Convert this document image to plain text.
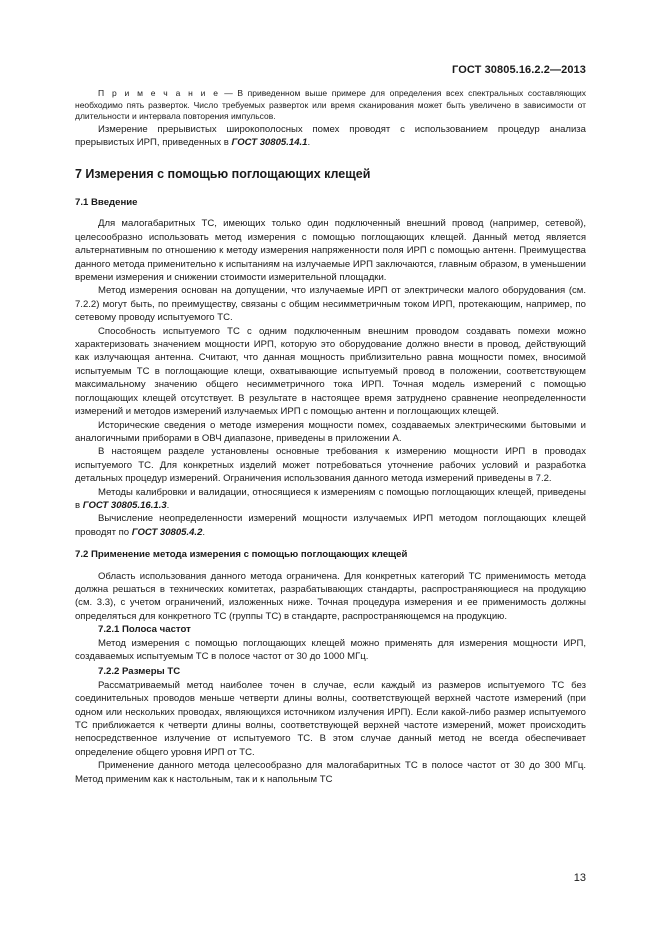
ГОСТ 30805.16.2.2—2013

П р и м е ч а н и е — В приведенном выше примере для определения всех спектральных составляющих необходимо пять разверток. Число требуемых разверток или время сканирования может быть увеличено в зависимости от длительности и интервала повторения импульсов.

Измерение прерывистых широкополосных помех проводят с использованием процедур анализа прерывистых ИРП, приведенных в ГОСТ 30805.14.1.

7 Измерения с помощью поглощающих клещей
7.1 Введение

Для малогабаритных ТС, имеющих только один подключенный внешний провод (например, сетевой), целесообразно использовать метод измерения с помощью поглощающих клещей. Данный метод является альтернативным по отношению к методу измерения напряженности поля ИРП с помощью антенн. Преимущества данного метода применительно к испытаниям на излучаемые ИРП заключаются, главным образом, в уменьшении времени измерения и снижении стоимости измерительной площадки.

Метод измерения основан на допущении, что излучаемые ИРП от электрически малого оборудования (см. 7.2.2) могут быть, по преимуществу, связаны с общим несимметричным током ИРП, протекающим, например, по сетевому проводу испытуемого ТС.

Способность испытуемого ТС с одним подключенным внешним проводом создавать помехи можно характеризовать значением мощности ИРП, которую это оборудование должно внести в провод, действующий как излучающая антенна. Считают, что данная мощность приблизительно равна мощности помех, вносимой испытуемым ТС в поглощающие клещи, охватывающие испытуемый провод в положении, соответствующем максимальному значению общего несимметричного тока ИРП. Точная модель измерений с помощью поглощающих клещей отсутствует. В результате в настоящее время затруднено сравнение неопределенности измерений и методов измерений излучаемых ИРП с помощью антенн и поглощающих клещей.

Исторические сведения о методе измерения мощности помех, создаваемых электрическими бытовыми и аналогичными приборами в ОВЧ диапазоне, приведены в приложении А.

В настоящем разделе установлены основные требования к измерению мощности ИРП в проводах испытуемого ТС. Для конкретных изделий может потребоваться уточнение рабочих условий и разработка детальных процедур измерений. Ограничения использования данного метода измерений приведены в 7.2.

Методы калибровки и валидации, относящиеся к измерениям с помощью поглощающих клещей, приведены в ГОСТ 30805.16.1.3.

Вычисление неопределенности измерений мощности излучаемых ИРП методом поглощающих клещей проводят по ГОСТ 30805.4.2.

7.2 Применение метода измерения с помощью поглощающих клещей

Область использования данного метода ограничена. Для конкретных категорий ТС применимость метода должна решаться в технических комитетах, разрабатывающих стандарты, распространяющиеся на продукцию (см. 3.3), с учетом ограничений, изложенных ниже. Точная процедура измерения и ее применимость должны определяться для конкретного ТС (группы ТС) в стандарте, распространяющемся на продукцию.

7.2.1 Полоса частот

Метод измерения с помощью поглощающих клещей можно применять для измерения мощности ИРП, создаваемых испытуемым ТС в полосе частот от 30 до 1000 МГц.

7.2.2 Размеры ТС

Рассматриваемый метод наиболее точен в случае, если каждый из размеров испытуемого ТС без соединительных проводов меньше четверти длины волны, соответствующей верхней частоте измерений (при одном или нескольких проводах, являющихся источником излучения ИРП). Если какой-либо размер испытуемого ТС приближается к четверти длины волны, соответствующей верхней частоте измерений, может происходить непосредственное излучение от испытуемого ТС. В этом случае данный метод не всегда обеспечивает определение общего уровня ИРП от ТС.

Применение данного метода целесообразно для малогабаритных ТС в полосе частот от 30 до 300 МГц. Метод применим как к настольным, так и к напольным ТС

13
